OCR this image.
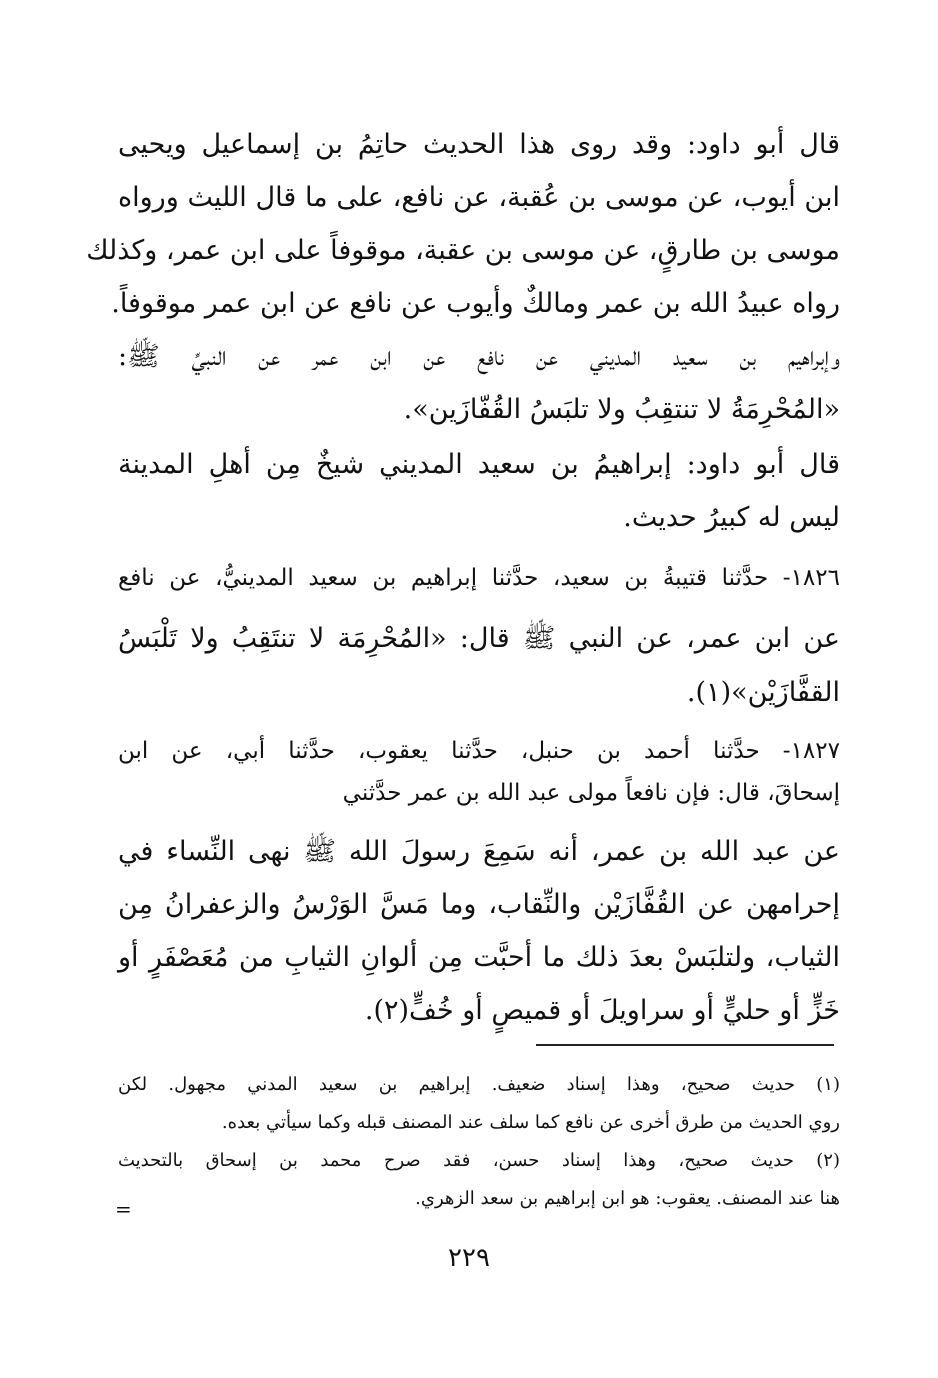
قال أبو داود: وقد روى هذا الحديث حاتِمُ بن إسماعيل ويحيى
ابن أيوب، عن موسى بن عُقبة، عن نافع، على ما قال الليث ورواه
موسى بن طارقٍ، عن موسى بن عقبة، موقوفاً على ابن عمر، وكذلك
رواه عبيدُ الله بن عمر ومالكٌ وأيوب عن نافع عن ابن عمر موقوفاً.
وإبراهيم بن سعيد المديني عن نافع عن ابن عمر عن النبيِّ ﷺ:
«المُحْرِمَةُ لا تنتقِبُ ولا تلبَسُ القُفّازَين».
قال أبو داود: إبراهيمُ بن سعيد المديني شيخٌ مِن أهلِ المدينة
ليس له كبيرُ حديث.
١٨٢٦- حدَّثنا قتيبةُ بن سعيد، حدَّثنا إبراهيم بن سعيد المدينيُّ، عن نافع
عن ابن عمر، عن النبي ﷺ قال: «المُحْرِمَة لا تنتَقِبُ ولا تَلْبَسُ
القفَّازَيْن»(١).
١٨٢٧- حدَّثنا أحمد بن حنبل، حدَّثنا يعقوب، حدَّثنا أبي، عن ابن
إسحاقَ، قال: فإن نافعاً مولى عبد الله بن عمر حدَّثني
عن عبد الله بن عمر، أنه سَمِعَ رسولَ الله ﷺ نهى النِّساء في
إحرامهن عن القُفَّازَيْن والنِّقاب، وما مَسَّ الوَرْسُ والزعفرانُ مِن
الثياب، ولتلبَسْ بعدَ ذلك ما أحبَّت مِن ألوانِ الثيابِ من مُعَصْفَرٍ أو
خَزٍّ أو حليٍّ أو سراويلَ أو قميصٍ أو خُفٍّ(٢).
(١) حديث صحيح، وهذا إسناد ضعيف. إبراهيم بن سعيد المدني مجهول. لكن
روي الحديث من طرق أخرى عن نافع كما سلف عند المصنف قبله وكما سيأتي بعده.
(٢) حديث صحيح، وهذا إسناد حسن، فقد صرح محمد بن إسحاق بالتحديث
هنا عند المصنف. يعقوب: هو ابن إبراهيم بن سعد الزهري.
=
٢٢٩
